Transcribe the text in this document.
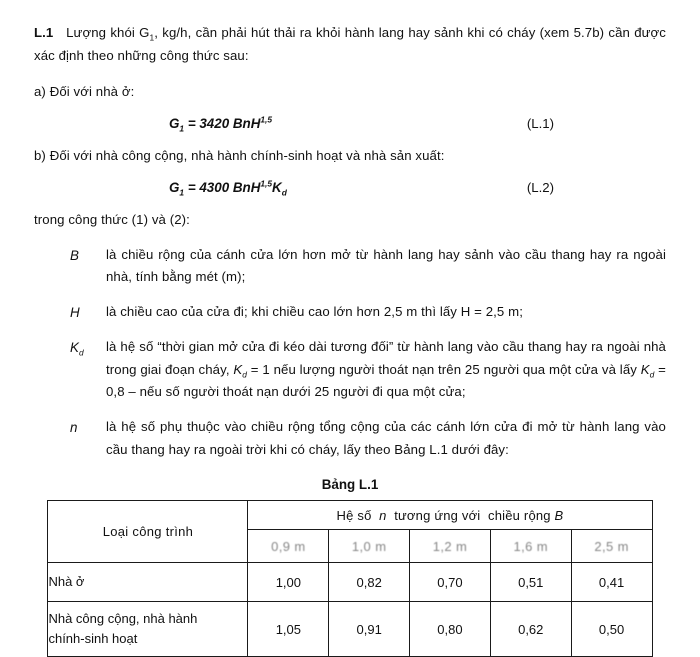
L.1   Lượng khói $G_1$, kg/h, cần phải hút thải ra khỏi hành lang hay sảnh khi có cháy (xem 5.7b) cần được xác định theo những công thức sau:

a) Đối với nhà ở:

$G_1 = 3420$ BnH$^{1,5}$	(L.1)

b) Đối với nhà công cộng, nhà hành chính-sinh hoạt và nhà sản xuất:

$G_1 = 4300$ $BnH^{1,5}K_d$	(L.2)

trong công thức (1) và (2):

B	là chiều rộng của cánh cửa lớn hơn mở từ hành lang hay sảnh vào cầu thang hay ra ngoài nhà, tính bằng mét (m);
H	là chiều cao của cửa đi; khi chiều cao lớn hơn 2,5 m thì lấy H = 2,5 m;
$K_d$	là hệ số “thời gian mở cửa đi kéo dài tương đối” từ hành lang vào cầu thang hay ra ngoài nhà trong giai đoạn cháy, $K_d = 1$ nếu lượng người thoát nạn trên 25 người qua một cửa và lấy $K_d = 0,8$ – nếu số người thoát nạn dưới 25 người đi qua một cửa;
n	là hệ số phụ thuộc vào chiều rộng tổng cộng của các cánh lớn cửa đi mở từ hành lang vào cầu thang hay ra ngoài trời khi có cháy, lấy theo Bảng L.1 dưới đây:
Bảng L.1
Loại công trình	Hệ số  n  tương ứng với  chiều rộng B				
	0,9 m	1,0 m	1,2 m	1,6 m	2,5 m
Nhà ở	1,00	0,82	0,70	0,51	0,41
Nhà công cộng, nhà hành
chính-sinh hoạt	1,05	0,91	0,80	0,62	0,50
